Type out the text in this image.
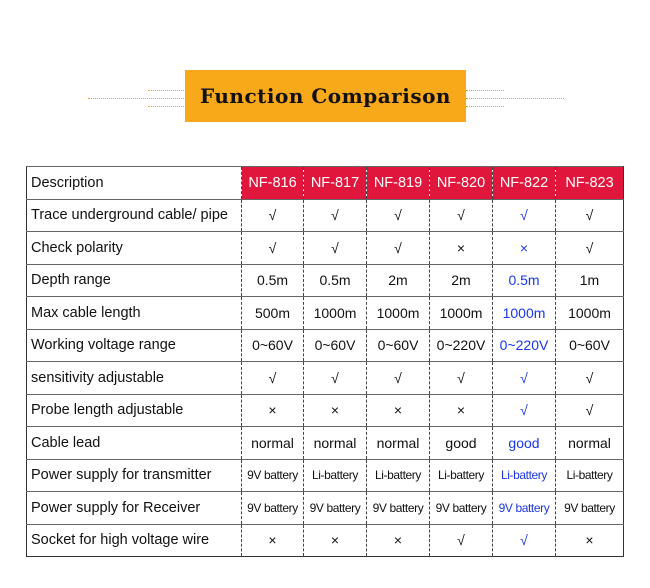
Function Comparison
Description	NF-816	NF-817	NF-819	NF-820	NF-822	NF-823
Trace underground cable/ pipe	√	√	√	√	√	√
Check polarity	√	√	√	×	×	√
Depth range	0.5m	0.5m	2m	2m	0.5m	1m
Max cable length	500m	1000m	1000m	1000m	1000m	1000m
Working voltage range	0~60V	0~60V	0~60V	0~220V	0~220V	0~60V
sensitivity adjustable	√	√	√	√	√	√
Probe length adjustable	×	×	×	×	√	√
Cable lead	normal	normal	normal	good	good	normal
Power supply for transmitter	9V battery	Li-battery	Li-battery	Li-battery	Li-battery	Li-battery
Power supply for Receiver	9V battery	9V battery	9V battery	9V battery	9V battery	9V battery
Socket for high voltage wire	×	×	×	√	√	×
